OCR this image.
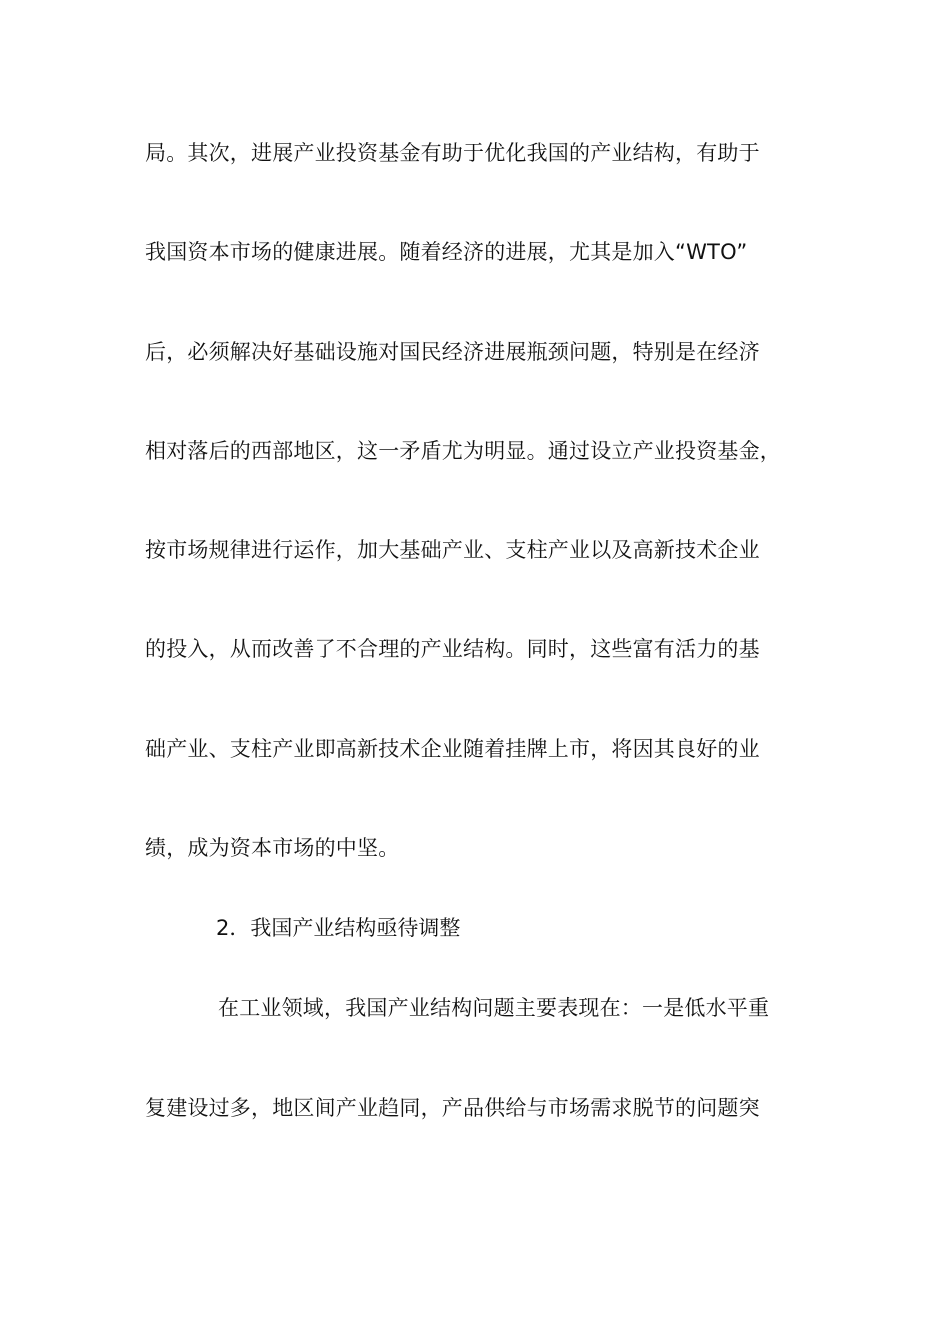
局。其次，进展产业投资基金有助于优化我国的产业结构，有助于
我国资本市场的健康进展。随着经济的进展，尤其是加入“WTO”
后，必须解决好基础设施对国民经济进展瓶颈问题，特别是在经济
相对落后的西部地区，这一矛盾尤为明显。通过设立产业投资基金，
按市场规律进行运作，加大基础产业、支柱产业以及高新技术企业
的投入，从而改善了不合理的产业结构。同时，这些富有活力的基
础产业、支柱产业即高新技术企业随着挂牌上市，将因其良好的业
绩，成为资本市场的中坚。
2．我国产业结构亟待调整
在工业领域，我国产业结构问题主要表现在：一是低水平重
复建设过多，地区间产业趋同，产品供给与市场需求脱节的问题突
